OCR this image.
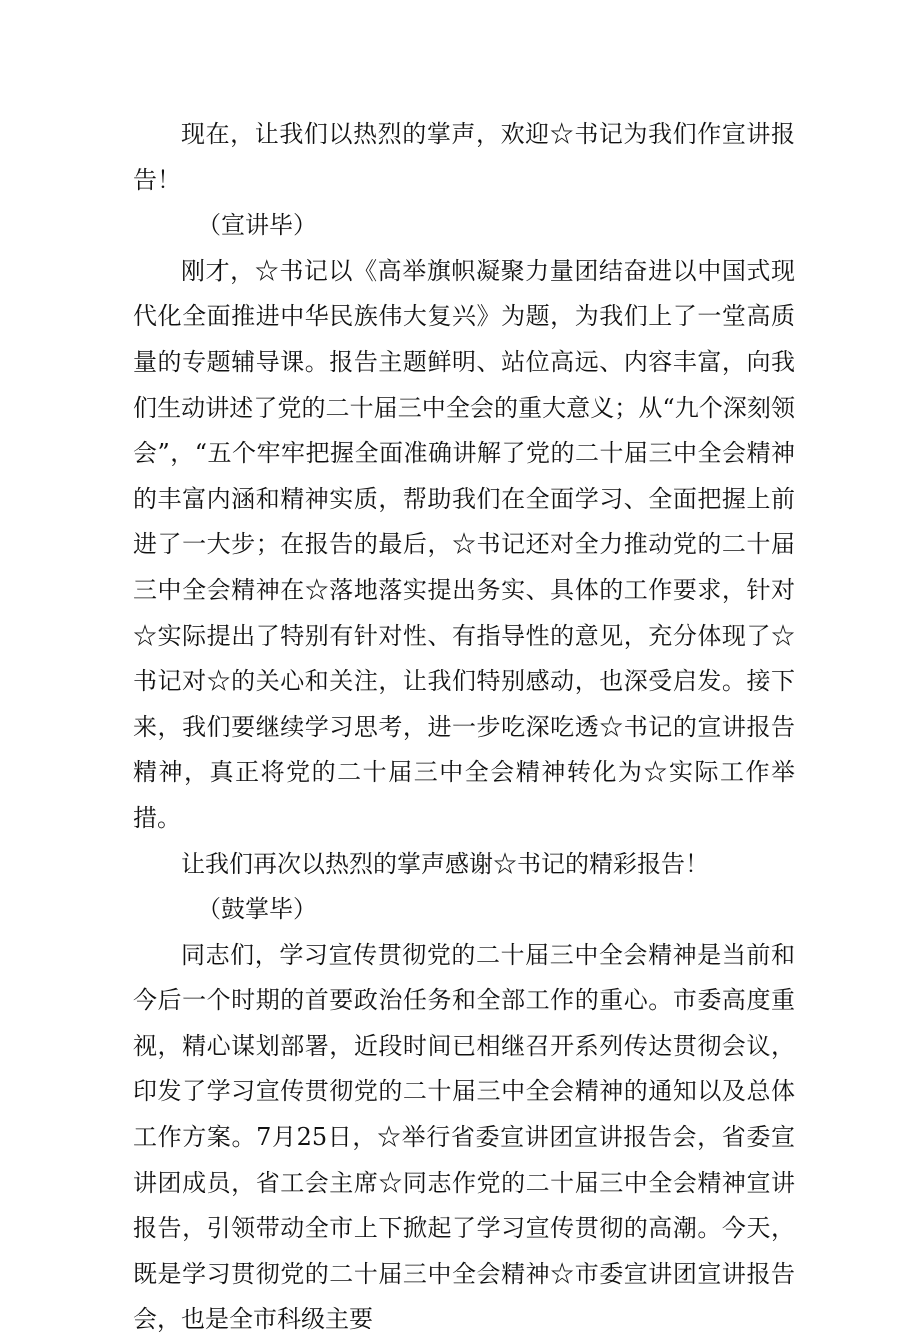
现在，让我们以热烈的掌声，欢迎☆书记为我们作宣讲报告！

（宣讲毕）

刚才，☆书记以《高举旗帜凝聚力量团结奋进以中国式现代化全面推进中华民族伟大复兴》为题，为我们上了一堂高质量的专题辅导课。报告主题鲜明、站位高远、内容丰富，向我们生动讲述了党的二十届三中全会的重大意义；从“九个深刻领会”，“五个牢牢把握全面准确讲解了党的二十届三中全会精神的丰富内涵和精神实质，帮助我们在全面学习、全面把握上前进了一大步；在报告的最后，☆书记还对全力推动党的二十届三中全会精神在☆落地落实提出务实、具体的工作要求，针对☆实际提出了特别有针对性、有指导性的意见，充分体现了☆书记对☆的关心和关注，让我们特别感动，也深受启发。接下来，我们要继续学习思考，进一步吃深吃透☆书记的宣讲报告精神，真正将党的二十届三中全会精神转化为☆实际工作举措。

让我们再次以热烈的掌声感谢☆书记的精彩报告！

（鼓掌毕）

同志们，学习宣传贯彻党的二十届三中全会精神是当前和今后一个时期的首要政治任务和全部工作的重心。市委高度重视，精心谋划部署，近段时间已相继召开系列传达贯彻会议，印发了学习宣传贯彻党的二十届三中全会精神的通知以及总体工作方案。7月25日，☆举行省委宣讲团宣讲报告会，省委宣讲团成员，省工会主席☆同志作党的二十届三中全会精神宣讲报告，引领带动全市上下掀起了学习宣传贯彻的高潮。今天，既是学习贯彻党的二十届三中全会精神☆市委宣讲团宣讲报告会，也是全市科级主要
